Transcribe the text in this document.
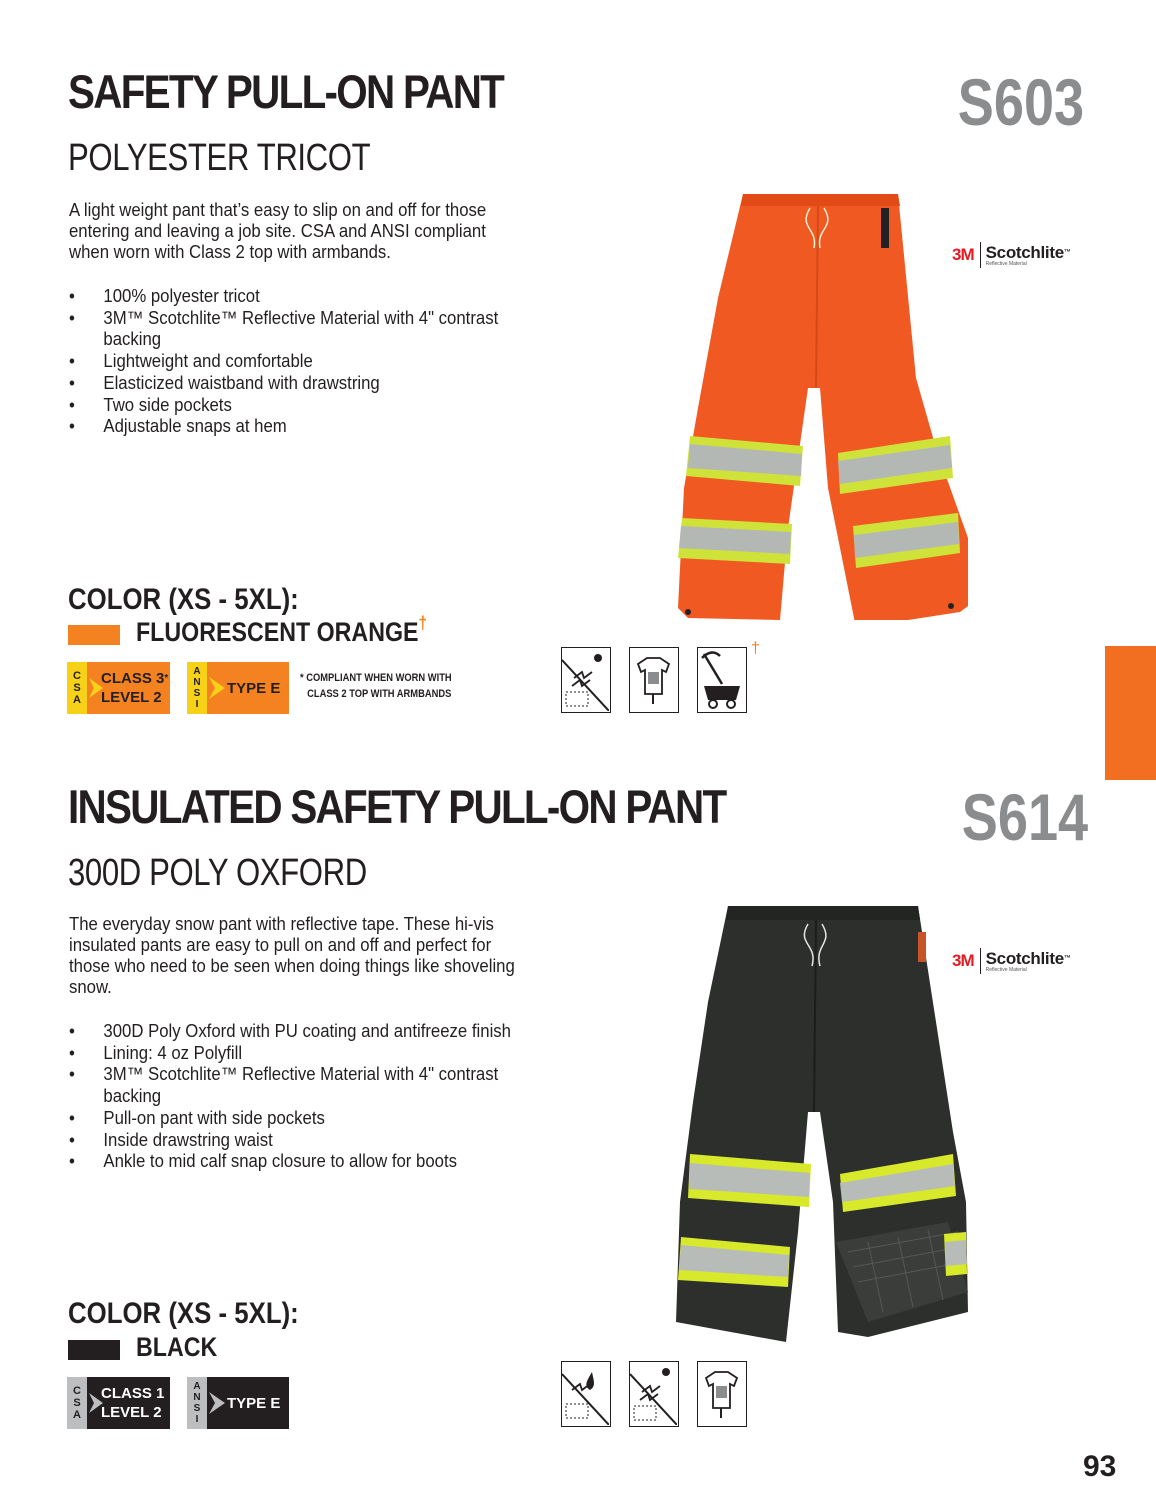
SAFETY PULL-ON PANT
POLYESTER TRICOT
S603
A light weight pant that’s easy to slip on and off for those entering and leaving a job site. CSA and ANSI compliant when worn with Class 2 top with armbands.
• 100% polyester tricot
• 3M™ Scotchlite™ Reflective Material with 4" contrast backing
• Lightweight and comfortable
• Elasticized waistband with drawstring
• Two side pockets
• Adjustable snaps at hem
COLOR (XS - 5XL):
FLUORESCENT ORANGE†
C
S
A
CLASS 3*
LEVEL 2
A
N
S
I
TYPE E
* COMPLIANT WHEN WORN WITH
CLASS 2 TOP WITH ARMBANDS
3M Scotchlite™
Reflective Material
†
INSULATED SAFETY PULL-ON PANT
300D POLY OXFORD
S614
The everyday snow pant with reflective tape. These hi-vis insulated pants are easy to pull on and off and perfect for those who need to be seen when doing things like shoveling snow.
• 300D Poly Oxford with PU coating and antifreeze finish
• Lining: 4 oz Polyfill
• 3M™ Scotchlite™ Reflective Material with 4" contrast backing
• Pull-on pant with side pockets
• Inside drawstring waist
• Ankle to mid calf snap closure to allow for boots
COLOR (XS - 5XL):
BLACK
C
S
A
CLASS 1
LEVEL 2
A
N
S
I
TYPE E
3M Scotchlite™
Reflective Material
93
